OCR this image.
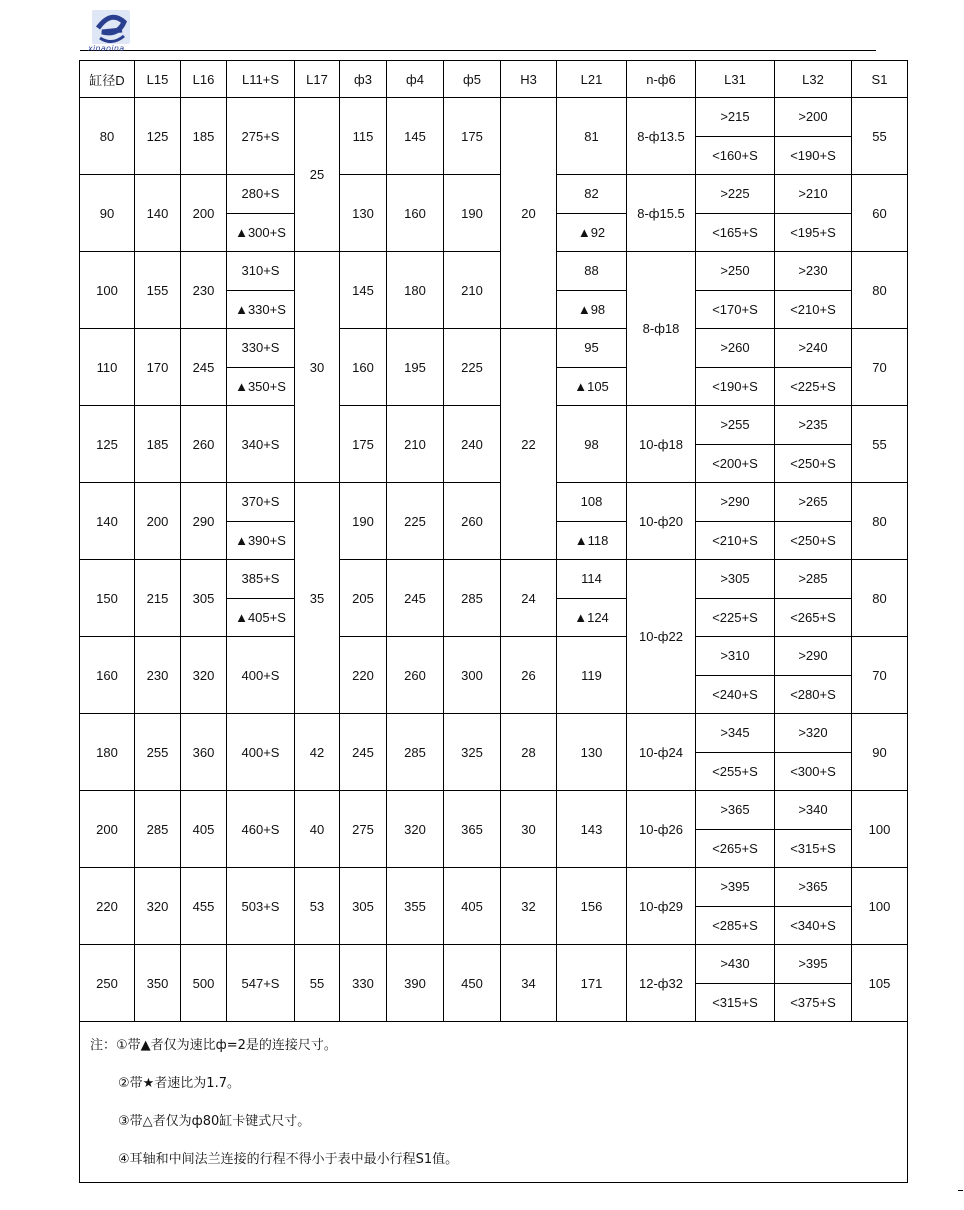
xinaoina
缸径D	L15	L16	L11+S	L17	ф3	ф4	ф5	H3	L21	n-ф6	L31	L32	S1
80	125	185	275+S	25	115	145	175	20	81	8-ф13.5	>215	>200	55
											<160+S	<190+S	
90	140	200	280+S		130	160	190		82	8-ф15.5	>225	>210	60
			▲300+S						▲92		<165+S	<195+S	
100	155	230	310+S	30	145	180	210		88	8-ф18	>250	>230	80
			▲330+S						▲98		<170+S	<210+S	
110	170	245	330+S		160	195	225	22	95		>260	>240	70
			▲350+S						▲105		<190+S	<225+S	
125	185	260	340+S		175	210	240		98	10-ф18	>255	>235	55
											<200+S	<250+S	
140	200	290	370+S	35	190	225	260		108	10-ф20	>290	>265	80
			▲390+S						▲118		<210+S	<250+S	
150	215	305	385+S		205	245	285	24	114	10-ф22	>305	>285	80
			▲405+S						▲124		<225+S	<265+S	
160	230	320	400+S		220	260	300	26	119		>310	>290	70
											<240+S	<280+S	
180	255	360	400+S	42	245	285	325	28	130	10-ф24	>345	>320	90
											<255+S	<300+S	
200	285	405	460+S	40	275	320	365	30	143	10-ф26	>365	>340	100
											<265+S	<315+S	
220	320	455	503+S	53	305	355	405	32	156	10-ф29	>395	>365	100
											<285+S	<340+S	
250	350	500	547+S	55	330	390	450	34	171	12-ф32	>430	>395	105
											<315+S	<375+S	

注： ①带▲者仅为速比ф=2是的连接尺寸。
②带★者速比为1.7。
③带△者仅为ф80缸卡键式尺寸。
④耳轴和中间法兰连接的行程不得小于表中最小行程S1值。													
